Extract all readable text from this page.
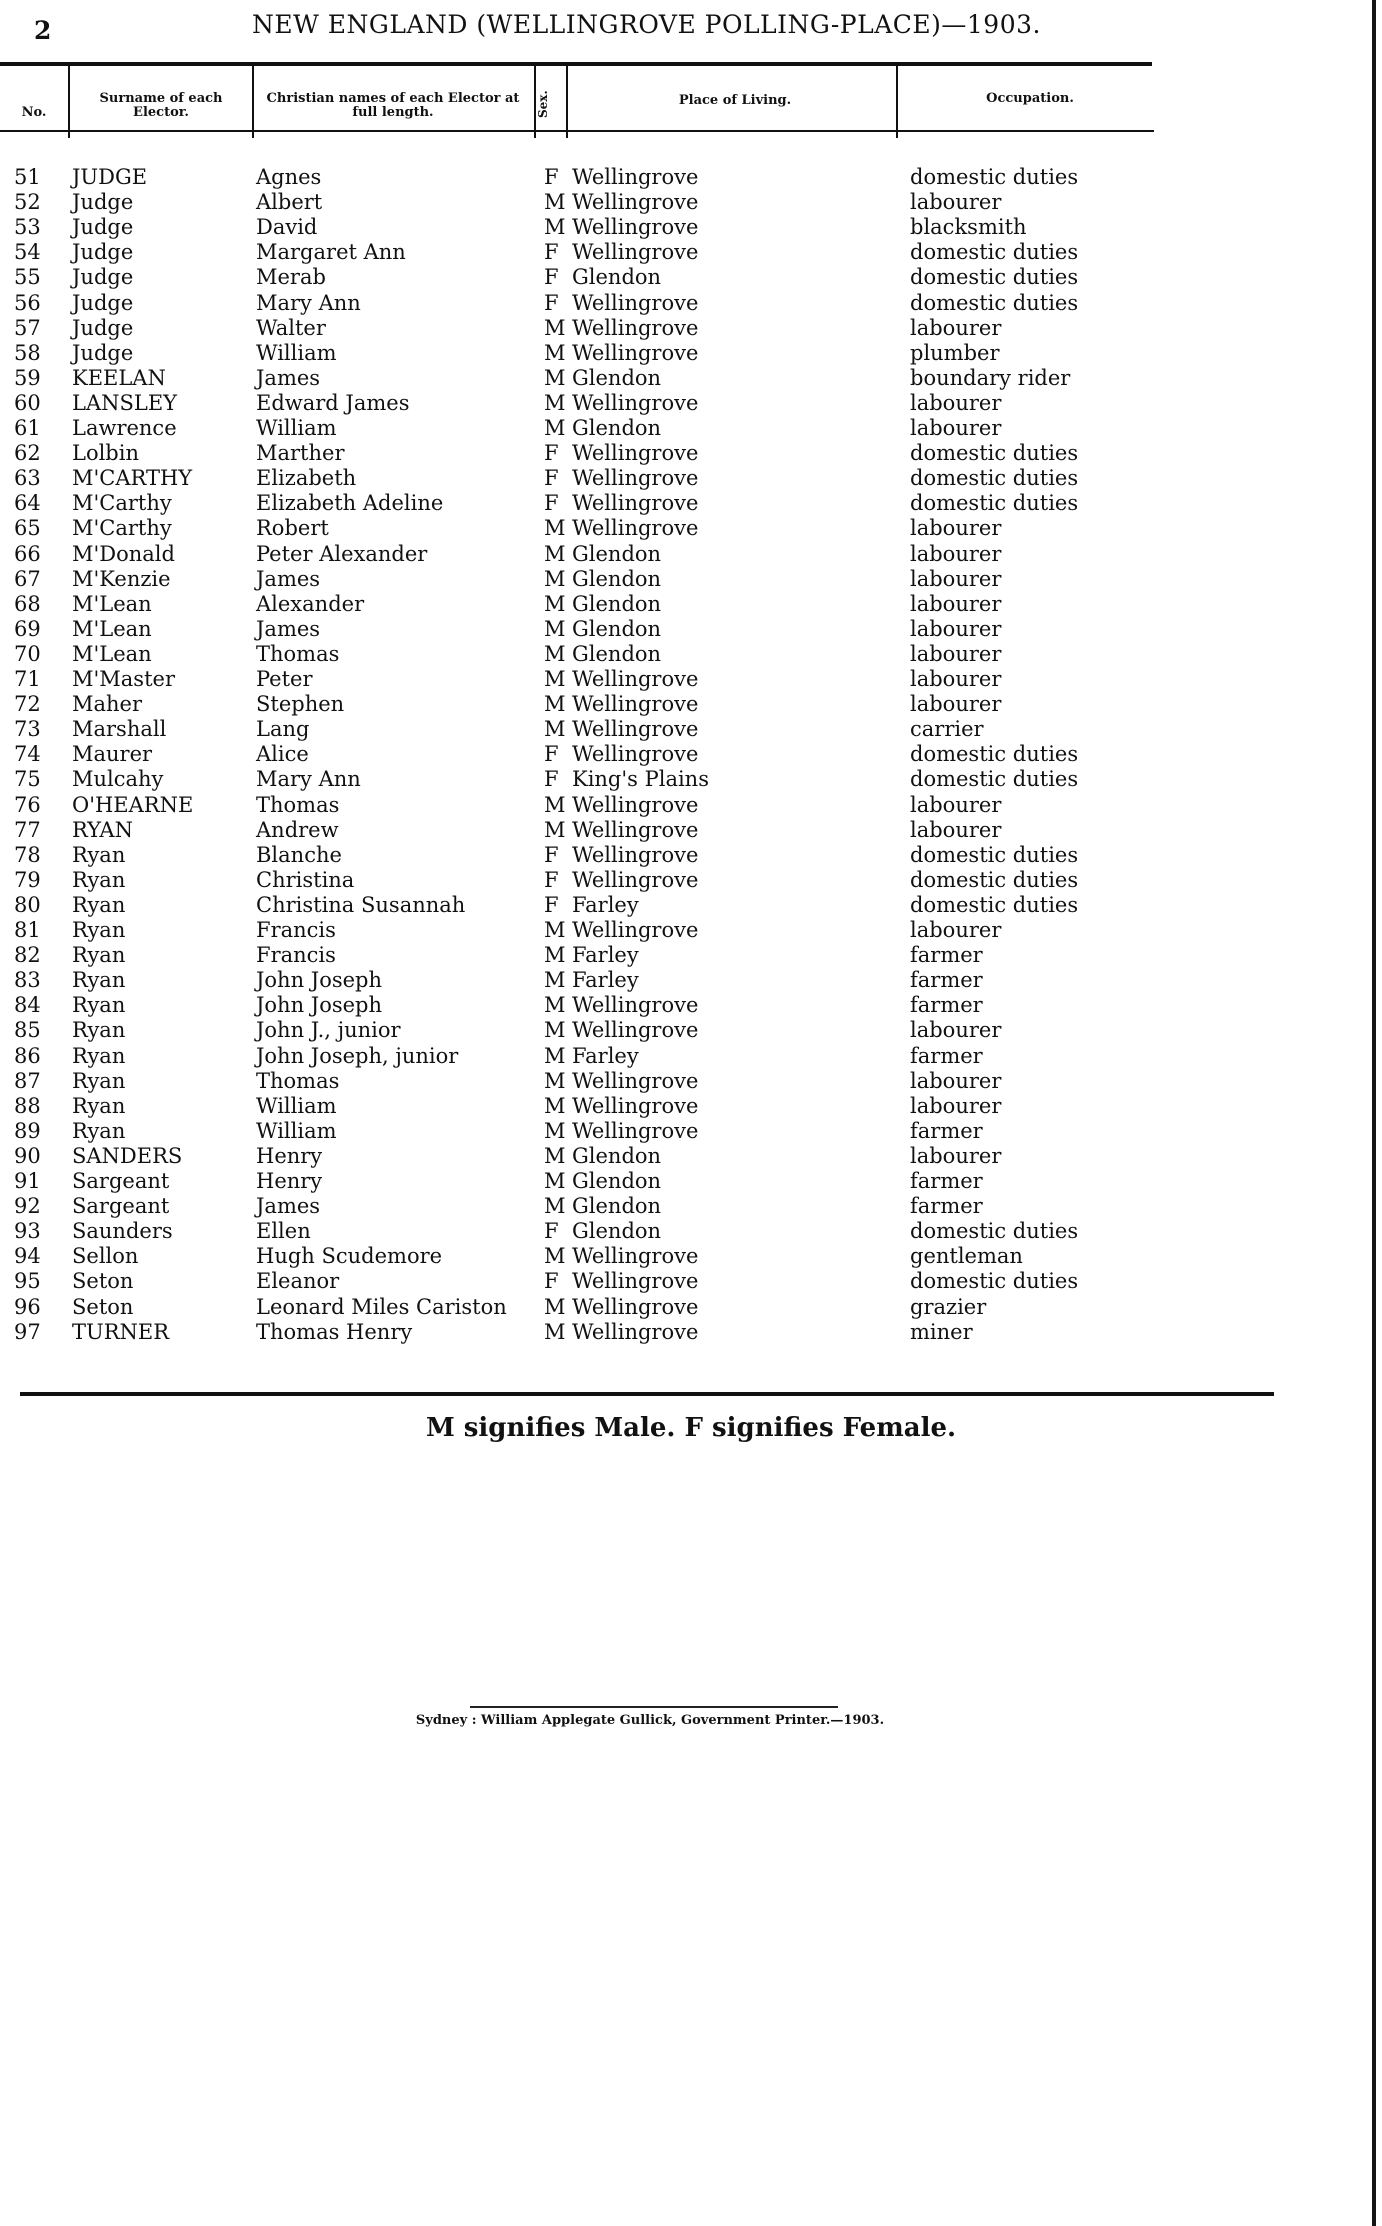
2	NEW ENGLAND (WELLINGROVE POLLING-PLACE)—1903.
No.
Surname of each Elector.
Christian names of each Elector at full length.	Sex.	Place of Living.	Occupation.
51 JUDGE	Agnes	F Wellingrove	domestic duties
52 Judge	Albert	M Wellingrove	labourer
53 Judge	David	M Wellingrove	blacksmith
54 Judge	Margaret Ann	F Wellingrove	domestic duties
55 Judge	Merab	F Glendon	domestic duties
56 Judge	Mary Ann	F Wellingrove	domestic duties
57 Judge	Walter	M Wellingrove	labourer
58 Judge	William	M Wellingrove	plumber
59 KEELAN	James	M Glendon	boundary rider
60 LANSLEY	Edward James	M Wellingrove	labourer
61 Lawrence	William	M Glendon	labourer
62 Lolbin	Marther	F Wellingrove	domestic duties
63 M'CARTHY	Elizabeth	F Wellingrove	domestic duties
64 M'Carthy	Elizabeth Adeline	F Wellingrove	domestic duties
65 M'Carthy	Robert	M Wellingrove	labourer
66 M'Donald	Peter Alexander	M Glendon	labourer
67 M'Kenzie	James	M Glendon	labourer
68 M'Lean	Alexander	M Glendon	labourer
69 M'Lean	James	M Glendon	labourer
70 M'Lean	Thomas	M Glendon	labourer
71 M'Master	Peter	M Wellingrove	labourer
72 Maher	Stephen	M Wellingrove	labourer
73 Marshall	Lang	M Wellingrove	carrier
74 Maurer	Alice	F Wellingrove	domestic duties
75 Mulcahy	Mary Ann	F King's Plains	domestic duties
76 O'HEARNE	Thomas	M Wellingrove	labourer
77 RYAN	Andrew	M Wellingrove	labourer
78 Ryan	Blanche	F Wellingrove	domestic duties
79 Ryan	Christina	F Wellingrove	domestic duties
80 Ryan	Christina Susannah	F Farley	domestic duties
81 Ryan	Francis	M Wellingrove	labourer
82 Ryan	Francis	M Farley	farmer
83 Ryan	John Joseph	M Farley	farmer
84 Ryan	John Joseph	M Wellingrove	farmer
85 Ryan	John J., junior	M Wellingrove	labourer
86 Ryan	John Joseph, junior	M Farley	farmer
87 Ryan	Thomas	M Wellingrove	labourer
88 Ryan	William	M Wellingrove	labourer
89 Ryan	William	M Wellingrove	farmer
90 SANDERS	Henry	M Glendon	labourer
91 Sargeant	Henry	M Glendon	farmer
92 Sargeant	James	M Glendon	farmer
93 Saunders	Ellen	F Glendon	domestic duties
94 Sellon	Hugh Scudemore	M Wellingrove	gentleman
95 Seton	Eleanor	F Wellingrove	domestic duties
96 Seton	Leonard Miles Cariston M Wellingrove	grazier
97 TURNER	Thomas Henry	M Wellingrove	miner
M signifies Male. F signifies Female.
Sydney : William Applegate Gullick, Government Printer.—1903.
